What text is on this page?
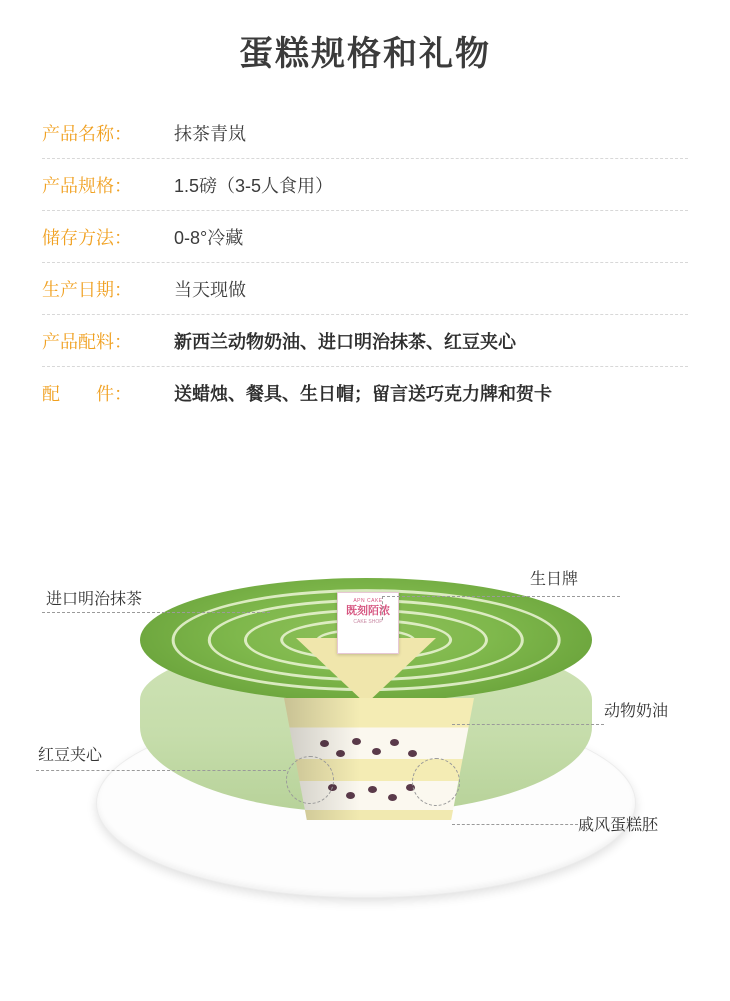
蛋糕规格和礼物
产品名称：	抹茶青岚
产品规格：	1.5磅（3-5人食用）
储存方法：	0-8°冷藏
生产日期：	当天现做
产品配料：	新西兰动物奶油、进口明治抹茶、红豆夹心
配　　件：	送蜡烛、餐具、生日帽；留言送巧克力牌和贺卡
APN CAKE
既刻陌浓
CAKE SHOP
进口明治抹茶
生日牌
动物奶油
红豆夹心
戚风蛋糕胚
